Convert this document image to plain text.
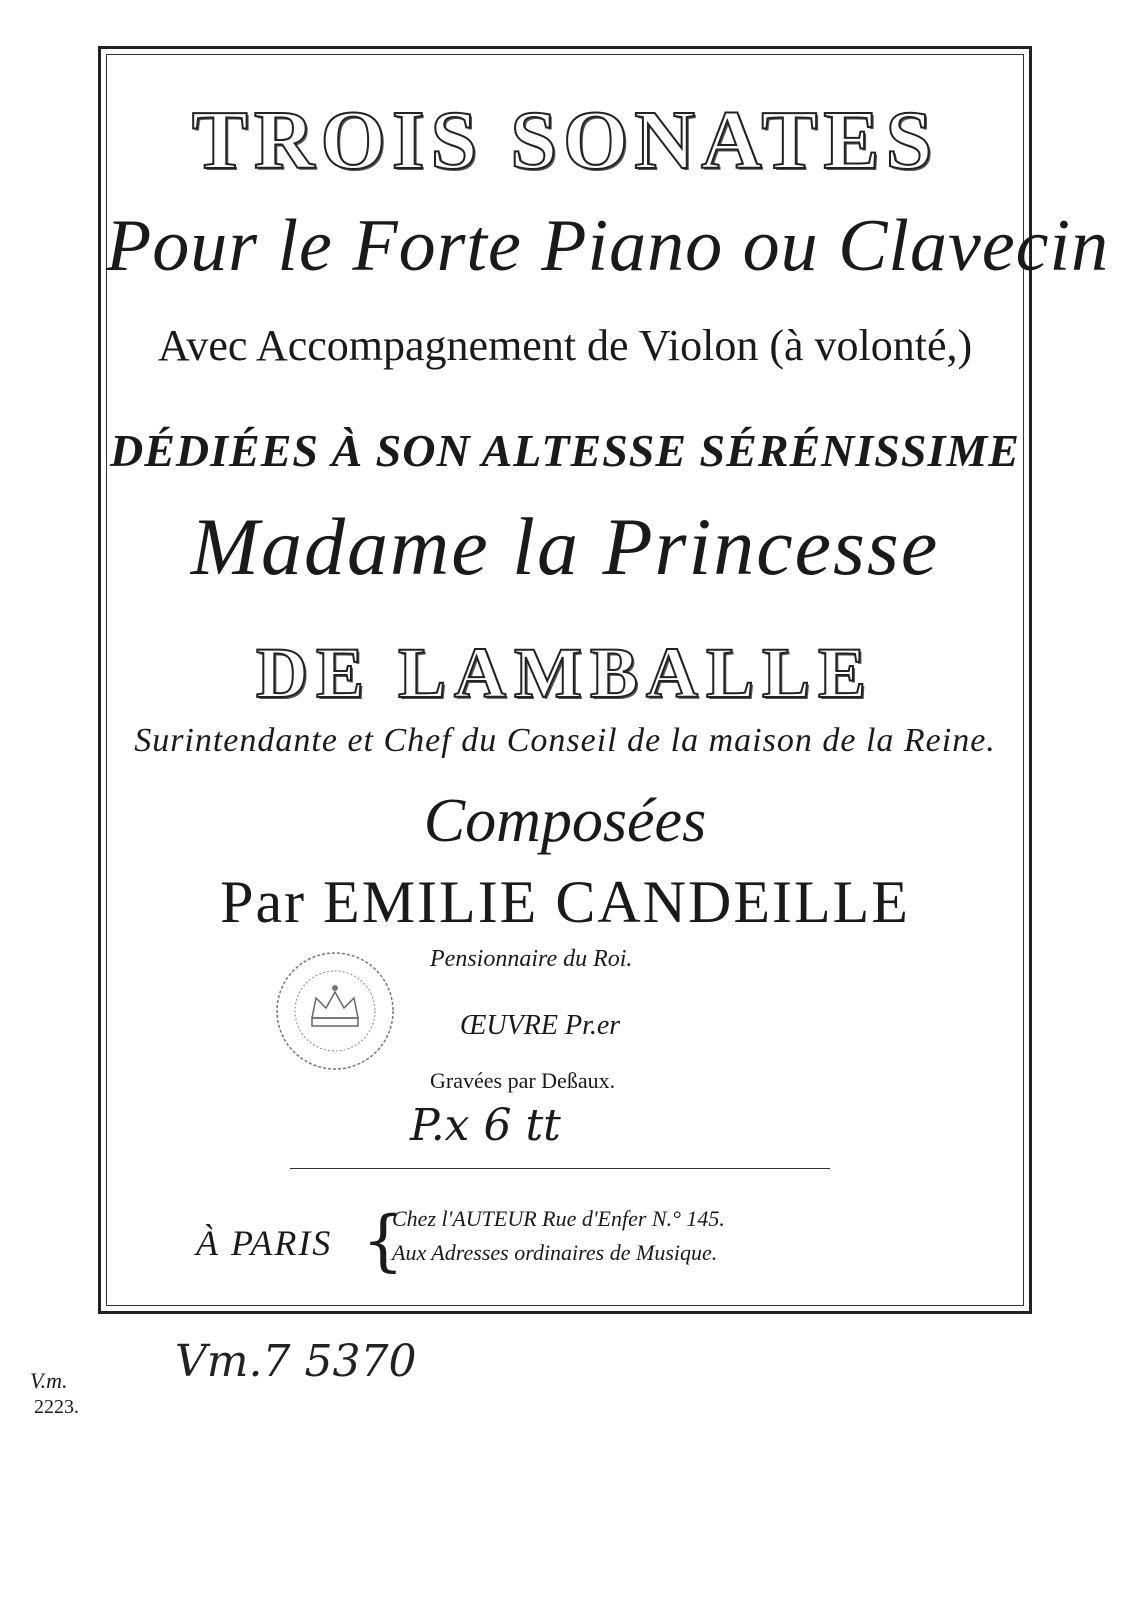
TROIS SONATES
Pour le Forte Piano ou Clavecin
Avec Accompagnement de Violon (à volonté,)
DÉDIÉES À SON ALTESSE SÉRÉNISSIME
Madame la Princesse
DE LAMBALLE
Surintendante et Chef du Conseil de la maison de la Reine.
Composées
Par EMILIE CANDEILLE
Pensionnaire du Roi.
ŒUVRE Pr.er
Gravées par Deßaux.
P.x 6 tt
À PARIS {
Chez l'AUTEUR Rue d'Enfer N.° 145.
Aux Adresses ordinaires de Musique.
V.m.
2223.
Vm.7 5370
